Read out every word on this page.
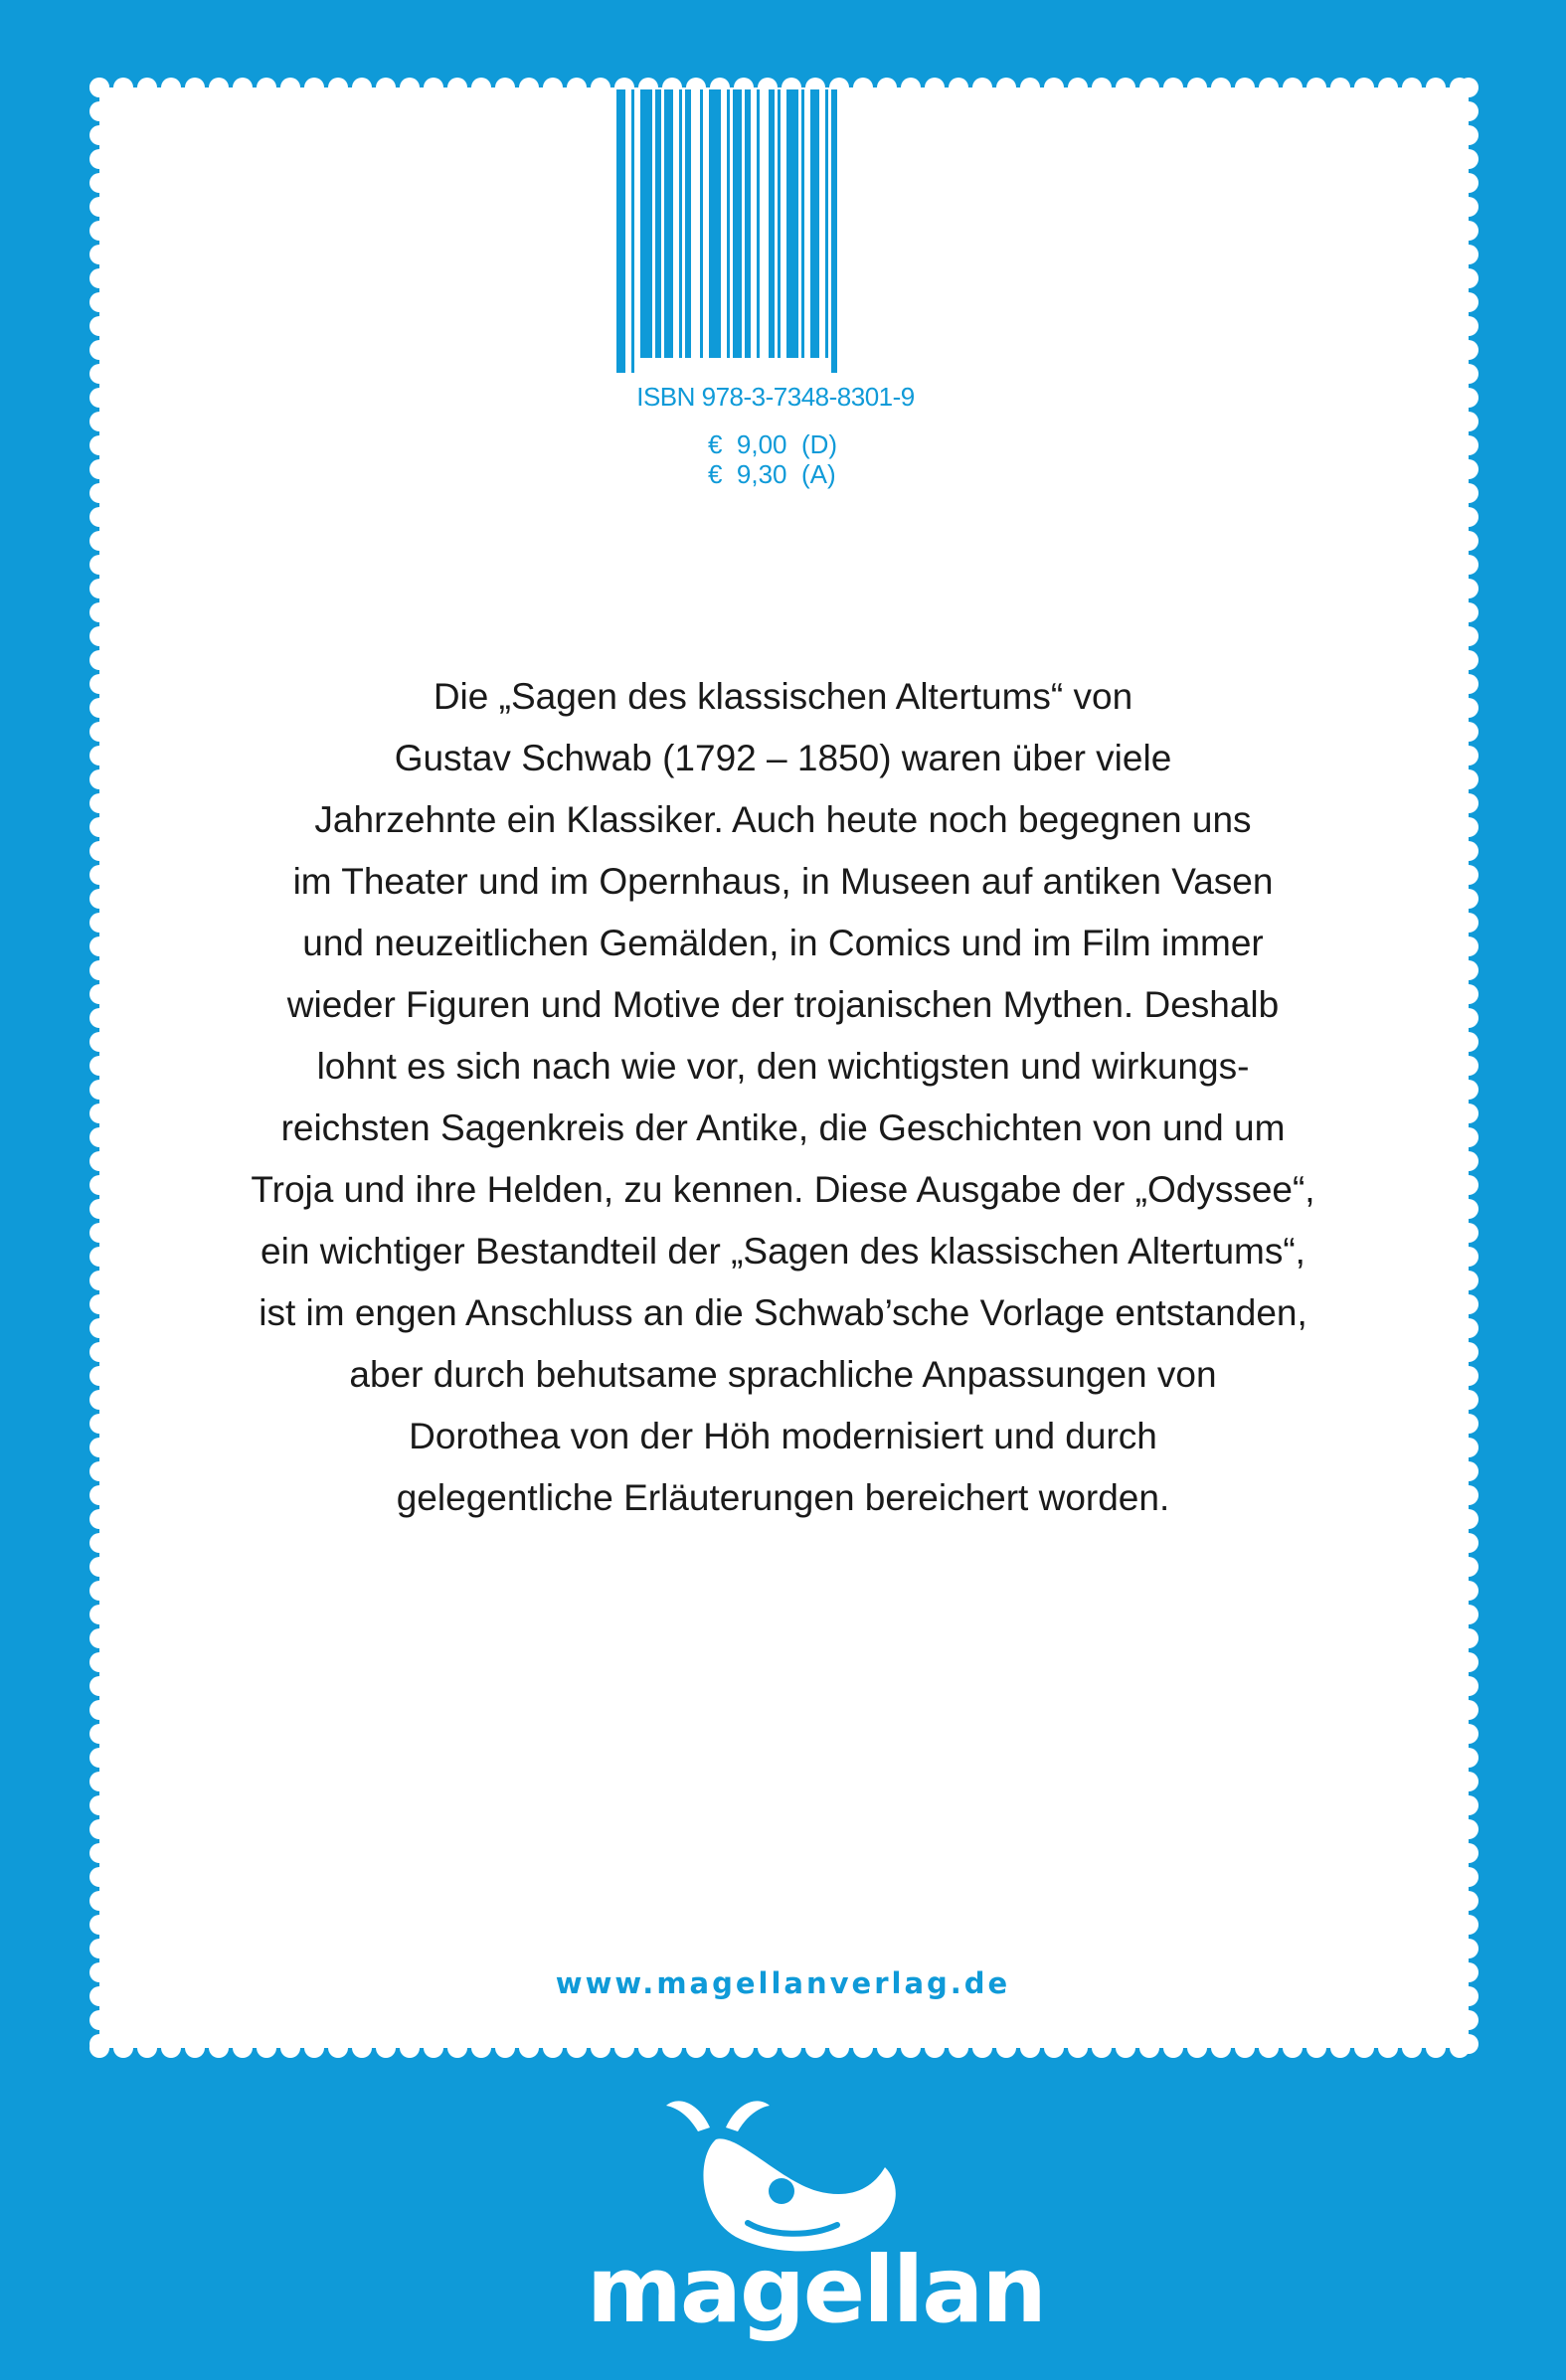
ISBN 978-3-7348-8301-9
€  9,00  (D)
€  9,30  (A)
Die „Sagen des klassischen Altertums“ von
Gustav Schwab (1792 – 1850) waren über viele
Jahrzehnte ein Klassiker. Auch heute noch begegnen uns
im Theater und im Opernhaus, in Museen auf antiken Vasen
und neuzeitlichen Gemälden, in Comics und im Film immer
wieder Figuren und Motive der trojanischen Mythen. Deshalb
lohnt es sich nach wie vor, den wichtigsten und wirkungs-
reichsten Sagenkreis der Antike, die Geschichten von und um
Troja und ihre Helden, zu kennen. Diese Ausgabe der „Odyssee“,
ein wichtiger Bestandteil der „Sagen des klassischen Altertums“,
ist im engen Anschluss an die Schwab’sche Vorlage entstanden,
aber durch behutsame sprachliche Anpassungen von
Dorothea von der Höh modernisiert und durch
gelegentliche Erläuterungen bereichert worden.
www.magellanverlag.de
magellan
